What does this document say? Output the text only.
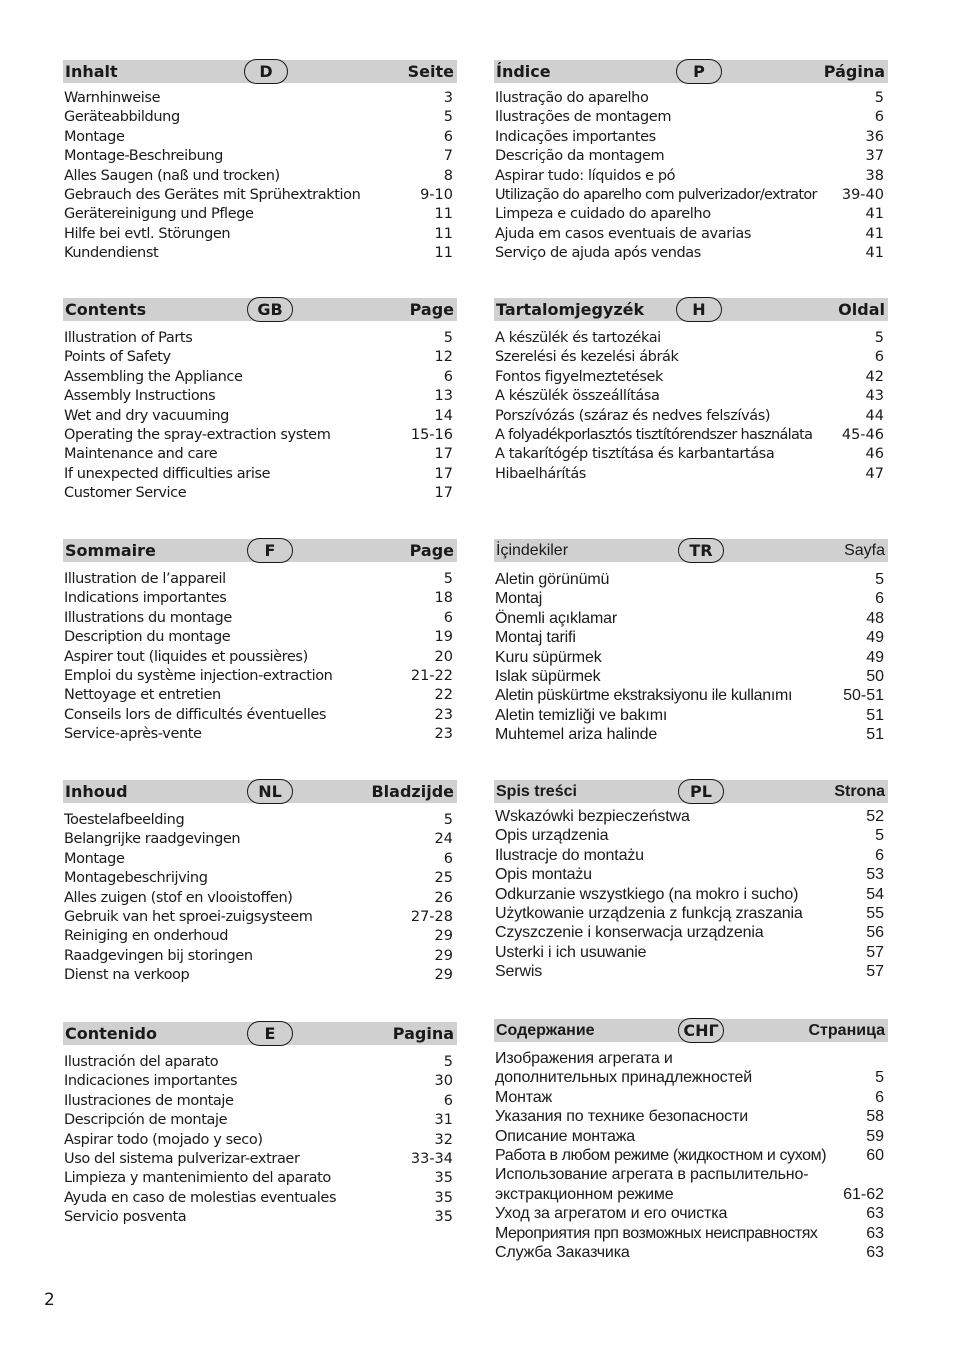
Inhalt	D	Seite
Warnhinweise	3
Geräteabbildung	5
Montage	6
Montage-Beschreibung	7
Alles Saugen (naß und trocken)	8
Gebrauch des Gerätes mit Sprühextraktion	9-10
Gerätereinigung und Pflege	11
Hilfe bei evtl. Störungen	11
Kundendienst	11
Índice	P	Página
Ilustração do aparelho	5
Ilustrações de montagem	6
Indicações importantes	36
Descrição da montagem	37
Aspirar tudo: líquidos e pó	38
Utilização do aparelho com pulverizador/extrator 39-40
Limpeza e cuidado do aparelho	41
Ajuda em casos eventuais de avarias	41
Serviço de ajuda após vendas	41
Contents	GB	Page
Illustration of Parts	5
Points of Safety	12
Assembling the Appliance	6
Assembly Instructions	13
Wet and dry vacuuming	14
Operating the spray-extraction system	15-16
Maintenance and care	17
If unexpected difficulties arise	17
Customer Service	17
Tartalomjegyzék	H	Oldal
A készülék és tartozékai	5
Szerelési és kezelési ábrák	6
Fontos figyelmeztetések	42
A készülék összeállítása	43
Porszívózás (száraz és nedves felszívás)	44
A folyadékporlasztós tisztítórendszer használata 45-46
A takarítógép tisztítása és karbantartása	46
Hibaelhárítás	47
Sommaire	F	Page
Illustration de l’appareil	5
Indications importantes	18
Illustrations du montage	6
Description du montage	19
Aspirer tout (liquides et poussières)	20
Emploi du système injection-extraction	21-22
Nettoyage et entretien	22
Conseils lors de difficultés éventuelles	23
Service-après-vente	23
İçindekiler	TR	Sayfa
Aletin görünümü	5
Montaj	6
Önemli açıklamar	48
Montaj tarifi	49
Kuru süpürmek	49
Islak süpürmek	50
Aletin püskürtme ekstraksiyonu ile kullanımı	50-51
Aletin temizliği ve bakımı	51
Muhtemel ariza halinde	51
Inhoud	NL	Bladzijde
Toestelafbeelding	5
Belangrijke raadgevingen	24
Montage	6
Montagebeschrijving	25
Alles zuigen (stof en vlooistoffen)	26
Gebruik van het sproei-zuigsysteem	27-28
Reiniging en onderhoud	29
Raadgevingen bij storingen	29
Dienst na verkoop	29
Spis treści	PL	Strona
Wskazówki bezpieczeństwa	52
Opis urządzenia	5
Ilustracje do montażu	6
Opis montażu	53
Odkurzanie wszystkiego (na mokro i sucho)	54
Użytkowanie urządzenia z funkcją zraszania	55
Czyszczenie i konserwacja urządzenia	56
Usterki i ich usuwanie	57
Serwis	57
Contenido	E	Pagina
Ilustración del aparato	5
Indicaciones importantes	30
Ilustraciones de montaje	6
Descripción de montaje	31
Aspirar todo (mojado y seco)	32
Uso del sistema pulverizar-extraer	33-34
Limpieza y mantenimiento del aparato	35
Ayuda en caso de molestias eventuales	35
Servicio posventa	35
Содержание	СНГ	Страница
Изображения агрегата и
дополнительных принадлежностей	5
Монтаж	6
Указания по технике безопасности	58
Описание монтажа	59
Работа в любом режиме (жидкостном и сухом)	60
Использование агрегата в распылительно-
экстракционном режиме	61-62
Уход за агрегатом и его очистка	63
Мероприятия прп возможных неисправностях	63
Служба Заказчика	63
2
